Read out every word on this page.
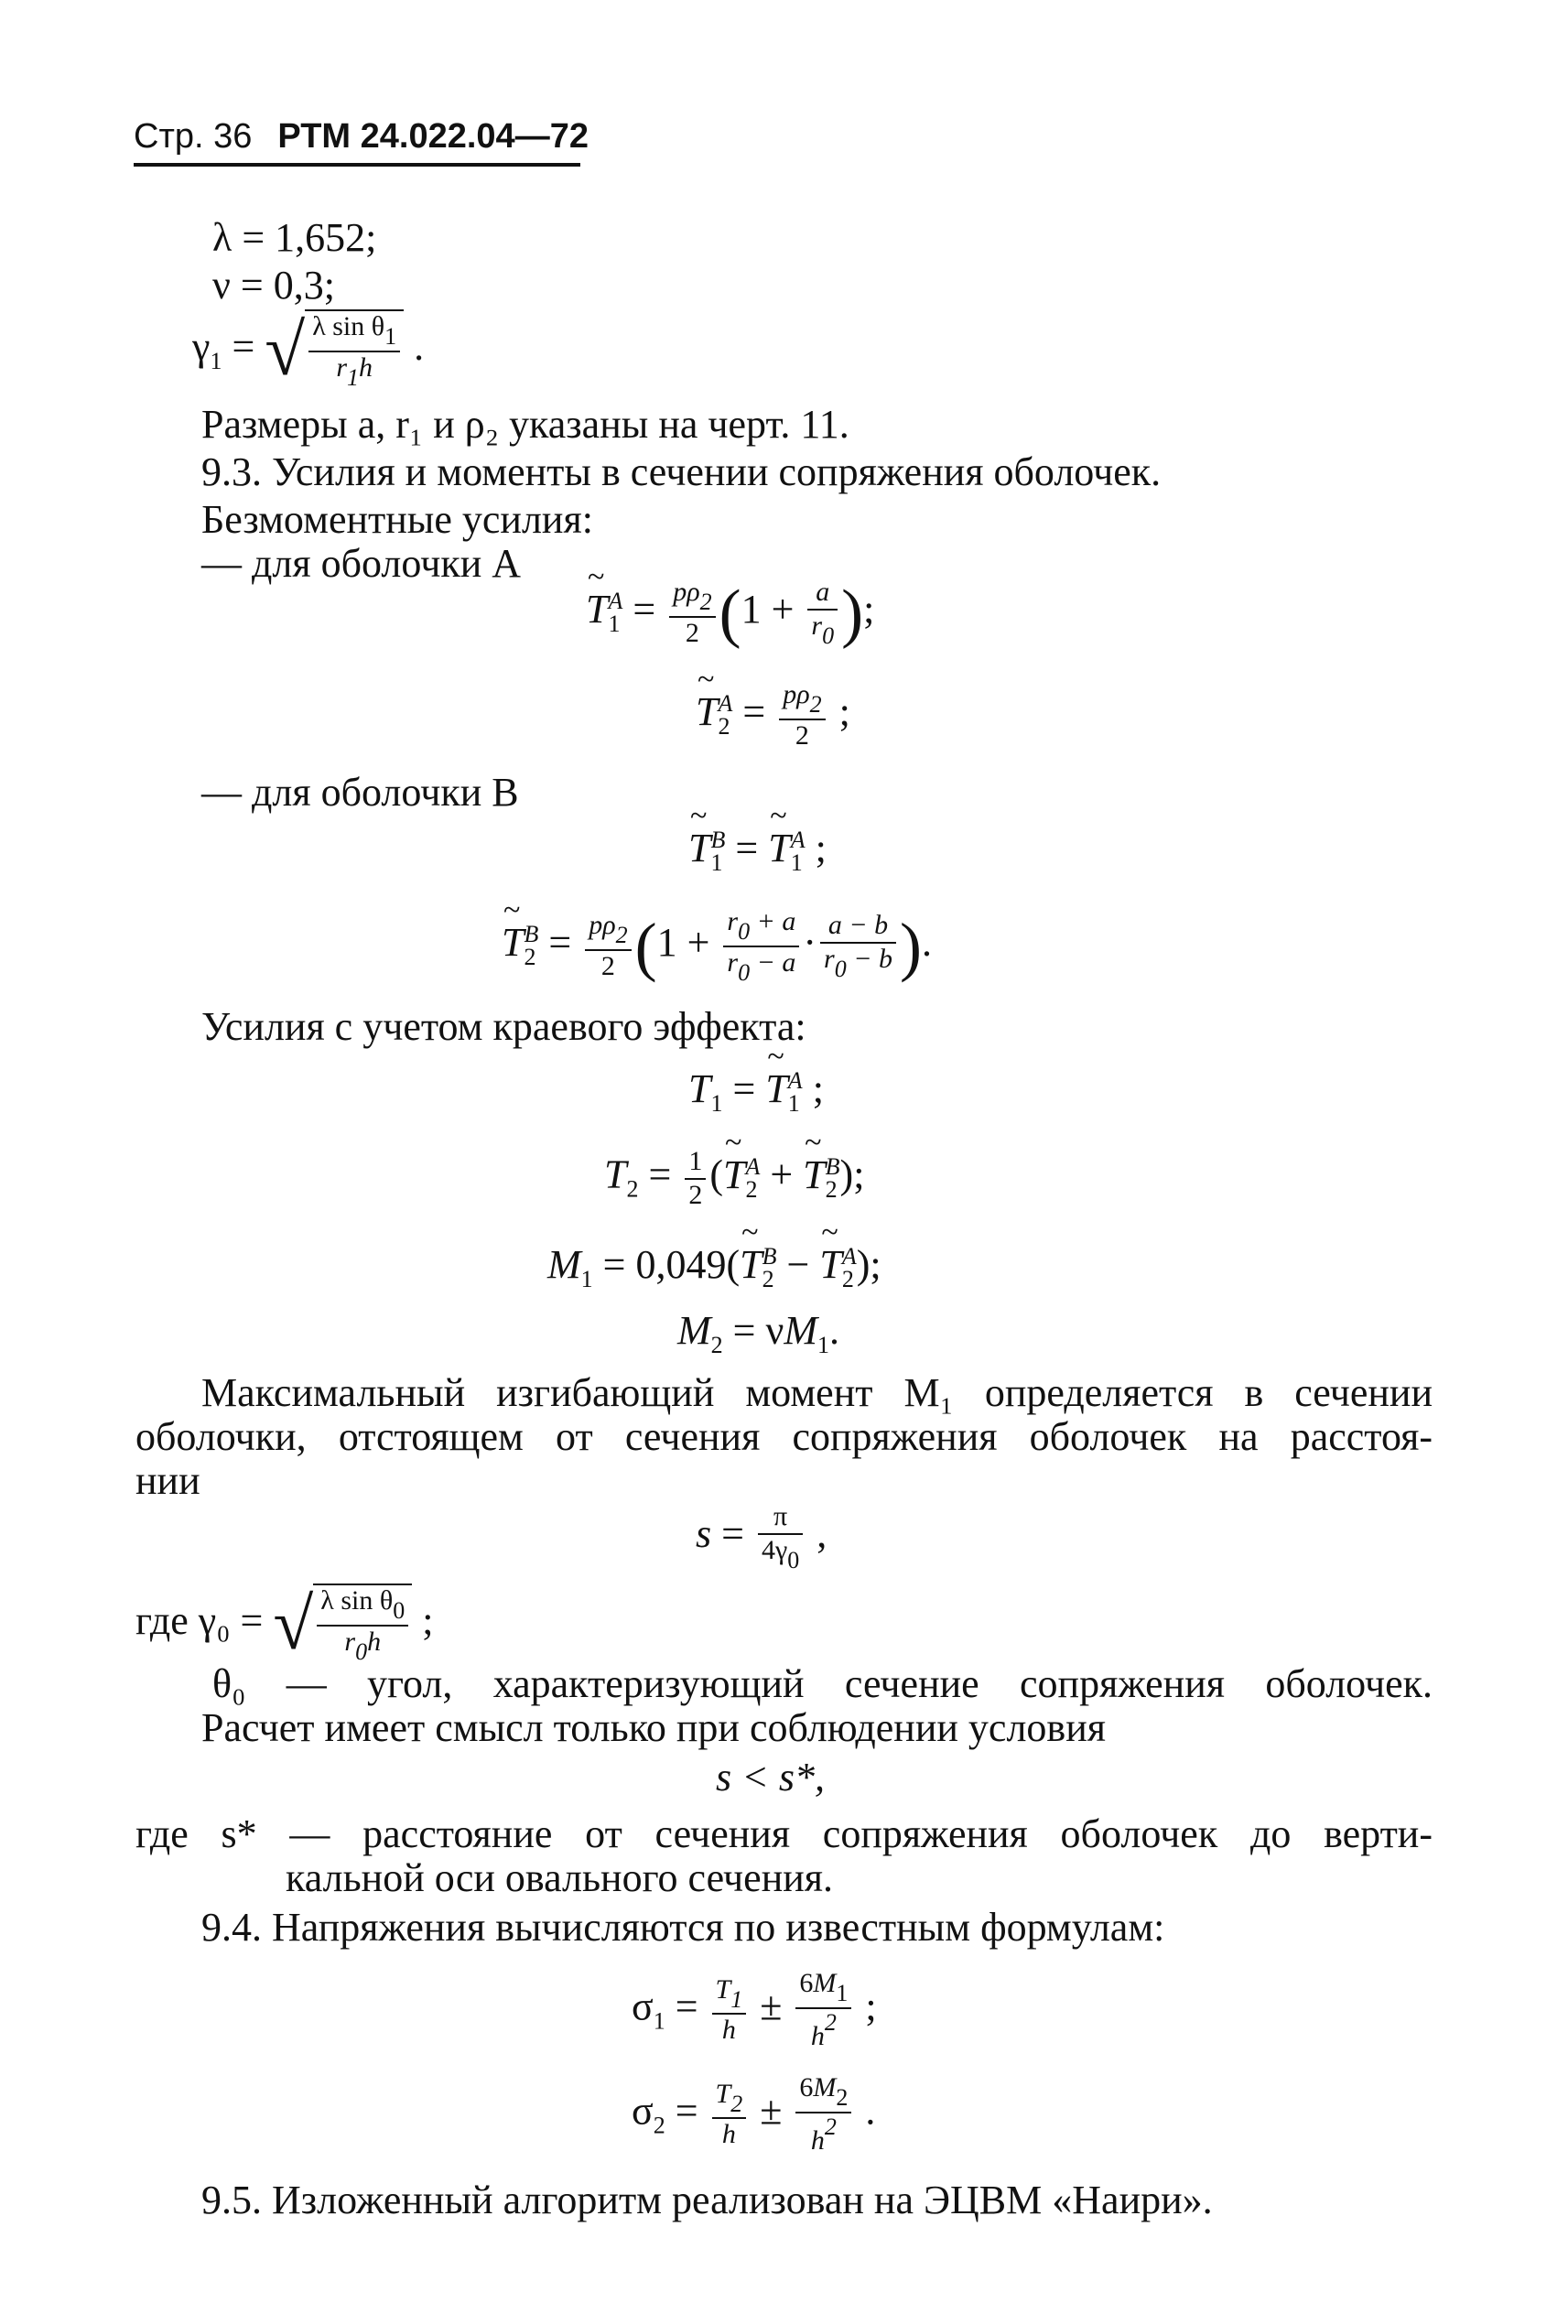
Стр. 36 РТМ 24.022.04—72
λ = 1,652;
ν = 0,3;
$\gamma_1$ = √ $\frac{\text{λ sin θ1}}{r1h}$ .
Размеры a, r₁ и ρ₂ указаны на черт. 11.
9.3. Усилия и моменты в сечении сопряжения оболочек.
Безмоментные усилия:
— для оболочки A
~ T A
$1 = \frac{p\rho 2}{2} (1 + \frac{a}{r0}$ );
~ T A
$2 = \frac{p\rho 2}{2}$ ;
— для оболочки B
~ T B
1 = ~ T A
1 ;
~ T B
$2 = \frac{p\rho 2}{2} (1 + \frac{r0 + a}{r0 - a} \cdot \frac{a - b}{r0 - b}$ ).
Усилия с учетом краевого эффекта:
$T_1$ = ~ T A
1 ;
$T_2 = \frac{1}{2}$ (~ T A
2 + ~ T B
2 );
$M_1$ = 0,049(~ T B
2 − ~ T A
2 );
$M_2 = \nu M_1$.
Максимальный изгибающий момент M₁ определяется в сечении
оболочки, отстоящем от сечения сопряжения оболочек на расстоя-
нии
$s = \frac{\pi}{4\gamma 0}$ ,
где γ₀ = √ $\frac{\text{λ sin θ0}}{r0h}$ ;
θ₀ — угол, характеризующий сечение сопряжения оболочек.
Расчет имеет смысл только при соблюдении условия
s < s*,
где s* — расстояние от сечения сопряжения оболочек до верти-
кальной оси овального сечения.
9.4. Напряжения вычисляются по известным формулам:
$\sigma_1 = \frac{T1}{h} \pm \frac{6M1}{h2}$ ;
$\sigma_2 = \frac{T2}{h} \pm \frac{6M2}{h2}$ .
9.5. Изложенный алгоритм реализован на ЭЦВМ «Наири».
